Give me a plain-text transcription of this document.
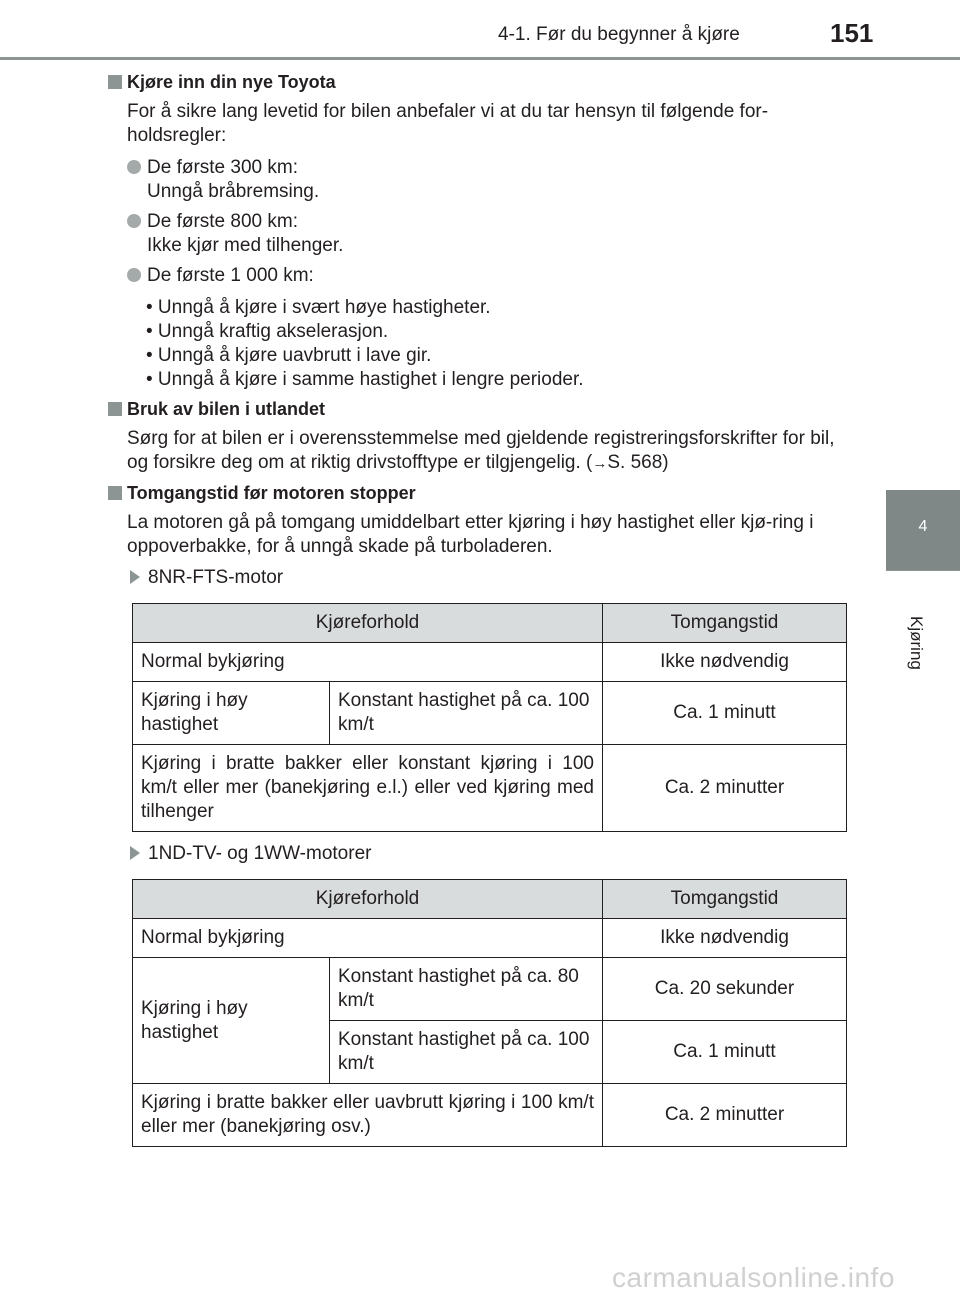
4-1. Før du begynner å kjøre	151
4
Kjøring
Kjøre inn din nye Toyota
For å sikre lang levetid for bilen anbefaler vi at du tar hensyn til følgende for-holdsregler:
De første 300 km:
Unngå bråbremsing.
De første 800 km:
Ikke kjør med tilhenger.
De første 1 000 km:
• Unngå å kjøre i svært høye hastigheter.
• Unngå kraftig akselerasjon.
• Unngå å kjøre uavbrutt i lave gir.
• Unngå å kjøre i samme hastighet i lengre perioder.
Bruk av bilen i utlandet
Sørg for at bilen er i overensstemmelse med gjeldende registreringsforskrifter for bil, og forsikre deg om at riktig drivstofftype er tilgjengelig. (→S. 568)
Tomgangstid før motoren stopper
La motoren gå på tomgang umiddelbart etter kjøring i høy hastighet eller kjø-ring i oppoverbakke, for å unngå skade på turboladeren.
8NR-FTS-motor
Kjøreforhold		Tomgangstid
Normal bykjøring		Ikke nødvendig
Kjøring i høy hastighet	Konstant hastighet på ca. 100 km/t	Ca. 1 minutt
Kjøring i bratte bakker eller konstant kjøring i 100 km/t eller mer (banekjøring e.l.) eller ved kjøring med tilhenger		Ca. 2 minutter
1ND-TV- og 1WW-motorer
Kjøreforhold		Tomgangstid
Normal bykjøring		Ikke nødvendig
Kjøring i høy hastighet	Konstant hastighet på ca. 80 km/t	Ca. 20 sekunder
	Konstant hastighet på ca. 100 km/t	Ca. 1 minutt
Kjøring i bratte bakker eller uavbrutt kjøring i 100 km/t eller mer (banekjøring osv.)		Ca. 2 minutter
carmanualsonline.info
